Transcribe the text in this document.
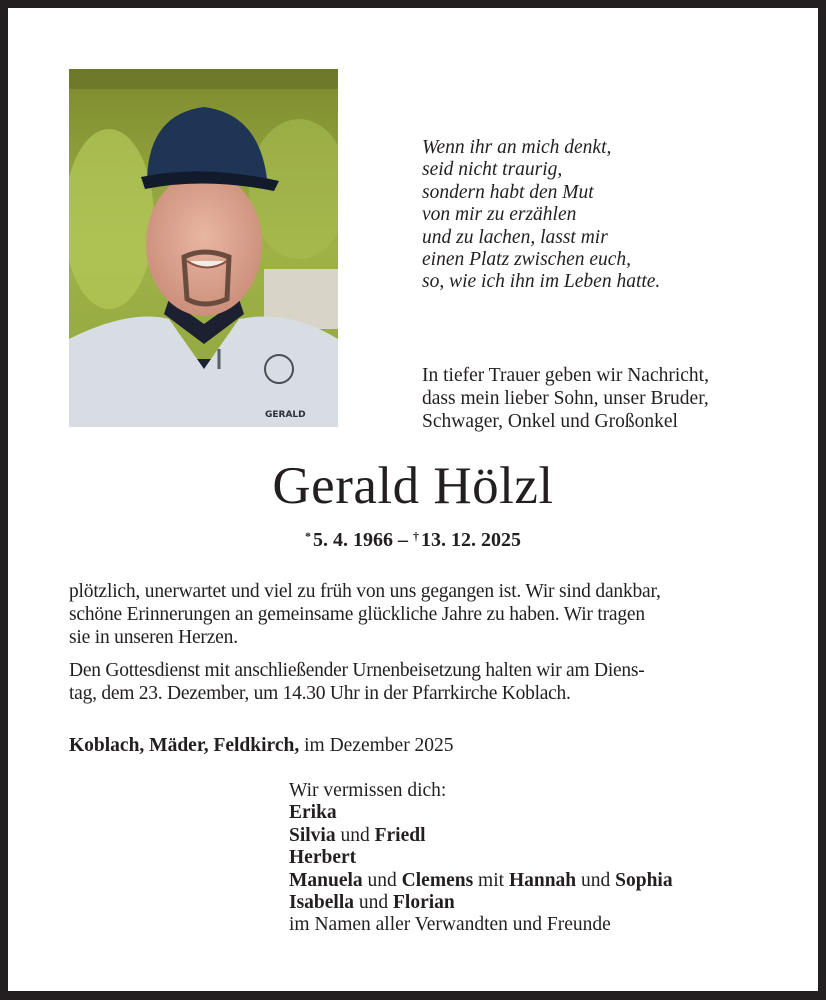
GERALD
Wenn ihr an mich denkt,
seid nicht traurig,
sondern habt den Mut
von mir zu erzählen
und zu lachen, lasst mir
einen Platz zwischen euch,
so, wie ich ihn im Leben hatte.
In tiefer Trauer geben wir Nachricht,
dass mein lieber Sohn, unser Bruder,
Schwager, Onkel und Großonkel
Gerald Hölzl
* 5. 4. 1966 – † 13. 12. 2025
plötzlich, unerwartet und viel zu früh von uns gegangen ist. Wir sind dankbar,
schöne Erinnerungen an gemeinsame glückliche Jahre zu haben. Wir tragen
sie in unseren Herzen.
Den Gottesdienst mit anschließender Urnenbeisetzung halten wir am Diens-
tag, dem 23. Dezember, um 14.30 Uhr in der Pfarrkirche Koblach.
Koblach, Mäder, Feldkirch, im Dezember 2025
Wir vermissen dich:
Erika
Silvia und Friedl
Herbert
Manuela und Clemens mit Hannah und Sophia
Isabella und Florian
im Namen aller Verwandten und Freunde
